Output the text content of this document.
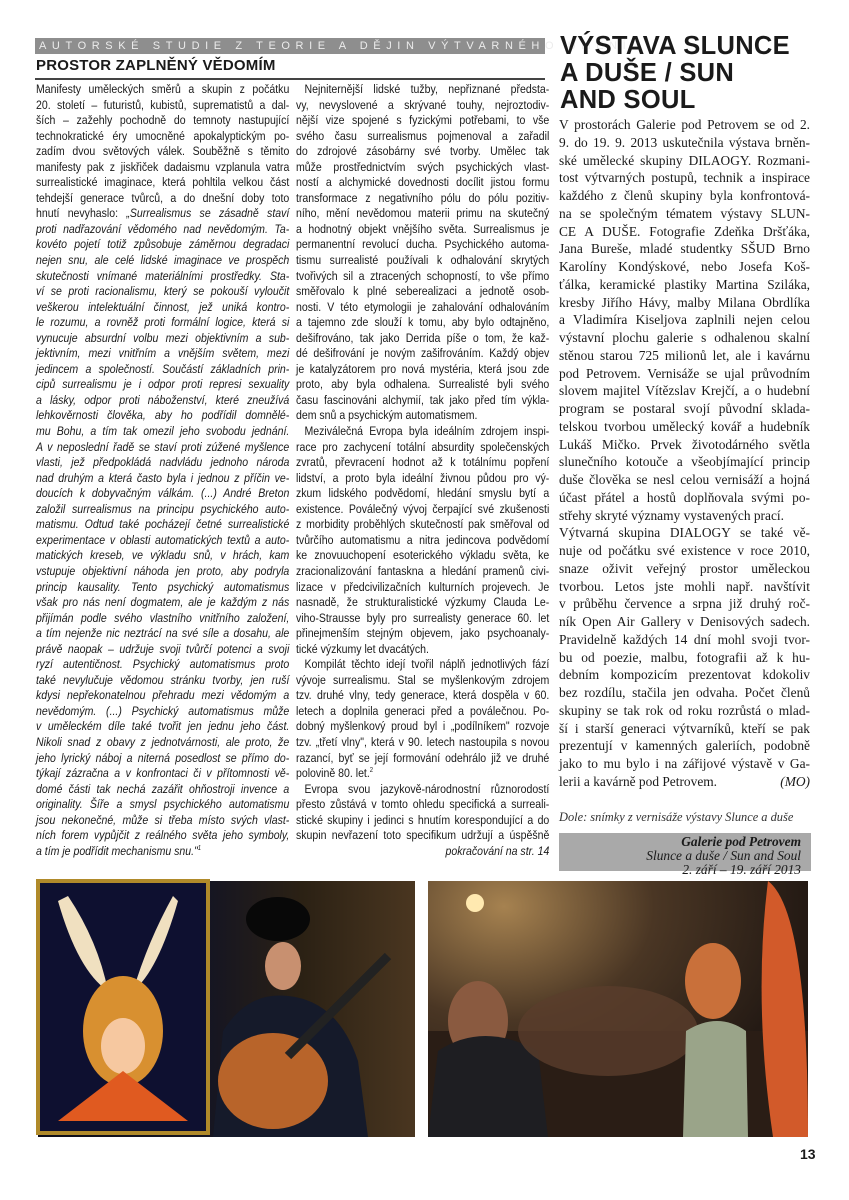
AUTORSKÉ STUDIE Z TEORIE A DĚJIN VÝTVARNÉHO UMĚNÍ
PROSTOR ZAPLNĚNÝ VĚDOMÍM
Manifesty uměleckých směrů a skupin z počátku
20. století – futuristů, kubistů, suprematistů a dal-
ších – zažehly pochodně do temnoty nastupující
technokratické éry umocněné apokalyptickým po-
zadím dvou světových válek. Souběžně s těmito
manifesty pak z jiskřiček dadaismu vzplanula vatra
surrealistické imaginace, která pohltila velkou část
tehdejší generace tvůrců, a do dnešní doby toto
hnutí nevyhaslo: „Surrealismus se zásadně staví
proti nadřazování vědomého nad nevědomým. Ta-
kovéto pojetí totiž způsobuje záměrnou degradaci
nejen snu, ale celé lidské imaginace ve prospěch
skutečnosti vnímané materiálními prostředky. Sta-
ví se proti racionalismu, který se pokouší vyloučit
veškerou intelektuální činnost, jež uniká kontro-
le rozumu, a rovněž proti formální logice, která si
vynucuje absurdní volbu mezi objektivním a sub-
jektivním, mezi vnitřním a vnějším světem, mezi
jedincem a společností. Součástí základních prin-
cipů surrealismu je i odpor proti represi sexuality
a lásky, odpor proti náboženství, které zneužívá
lehkověrnosti člověka, aby ho podřídil domnělé-
mu Bohu, a tím tak omezil jeho svobodu jednání.
A v neposlední řadě se staví proti zúžené myšlence
vlasti, jež předpokládá nadvládu jednoho národa
nad druhým a která často byla i jednou z příčin ve-
doucích k dobyvačným válkám. (...) André Breton
založil surrealismus na principu psychického auto-
matismu. Odtud také pocházejí četné surrealistické
experimentace v oblasti automatických textů a auto-
matických kreseb, ve výkladu snů, v hrách, kam
vstupuje objektivní náhoda jen proto, aby podryla
princip kausality. Tento psychický automatismus
však pro nás není dogmatem, ale je každým z nás
přijímán podle svého vlastního vnitřního založení,
a tím nejenže nic neztrácí na své síle a dosahu, ale
právě naopak – udržuje svoji tvůrčí potenci a svoji
ryzí autentičnost. Psychický automatismus proto
také nevylučuje vědomou stránku tvorby, jen ruší
kdysi nepřekonatelnou přehradu mezi vědomým a
nevědomým. (...) Psychický automatismus může
v uměleckém díle také tvořit jen jednu jeho část.
Nikoli snad z obavy z jednotvárnosti, ale proto, že
jeho lyrický náboj a niterná posedlost se přímo do-
týkají zázračna a v konfrontaci či v přítomnosti vě-
domé části tak nechá zazářit ohňostroji invence a
originality. Šíře a smysl psychického automatismu
jsou nekonečné, může si třeba místo svých vlast-
ních forem vypůjčit z reálného světa jeho symboly,
a tím je podřídit mechanismu snu."$^1$
Nejniternější lidské tužby, nepřiznané předsta-
vy, nevyslovené a skrývané touhy, nejroztodiv-
nější vize spojené s fyzickými potřebami, to vše
svého času surrealismus pojmenoval a zařadil
do zdrojové zásobárny své tvorby. Umělec tak
může prostřednictvím svých psychických vlast-
ností a alchymické dovednosti docílit jistou formu
transformace z negativního pólu do pólu pozitiv-
ního, mění nevědomou materii primu na skutečný
a hodnotný objekt vnějšího světa. Surrealismus je
permanentní revolucí ducha. Psychického automa-
tismu surrealisté používali k odhalování skrytých
tvořivých sil a ztracených schopností, to vše přímo
směřovalo k plné seberealizaci a jednotě osob-
nosti. V této etymologii je zahalování odhalováním
a tajemno zde slouží k tomu, aby bylo odtajněno,
dešifrováno, tak jako Derrida píše o tom, že kaž-
dé dešifrování je novým zašifrováním. Každý objev
je katalyzátorem pro nová mystéria, která jsou zde
proto, aby byla odhalena. Surrealisté byli svého
času fascinováni alchymií, tak jako před tím výkla-
dem snů a psychickým automatismem.
Meziválečná Evropa byla ideálním zdrojem inspi-
race pro zachycení totální absurdity společenských
zvratů, převracení hodnot až k totálnímu popření
lidství, a proto byla ideální živnou půdou pro vý-
zkum lidského podvědomí, hledání smyslu bytí a
existence. Poválečný vývoj čerpající své zkušenosti
z morbidity proběhlých skutečností pak směřoval od
tvůrčího automatismu a nitra jedincova podvědomí
ke znovuuchopení esoterického výkladu světa, ke
zracionalizování fantaskna a hledání pramenů civi-
lizace v předcivilizačních kulturních projevech. Je
nasnadě, že strukturalistické výzkumy Clauda Le-
viho-Strausse byly pro surrealisty generace 60. let
přinejmenším stejným objevem, jako psychoanaly-
tické výzkumy let dvacátých.
Kompilát těchto idejí tvořil náplň jednotlivých fází
vývoje surrealismu. Stal se myšlenkovým zdrojem
tzv. druhé vlny, tedy generace, která dospěla v 60.
letech a doplnila generaci před a poválečnou. Po-
dobný myšlenkový proud byl i „podílníkem" rozvoje
tzv. „třetí vlny", která v 90. letech nastoupila s novou
razancí, byť se její formování odehrálo již ve druhé
polovině 80. let.$^2$
Evropa svou jazykově-národnostní různorodostí
přesto zůstává v tomto ohledu specifická a surreali-
stické skupiny i jedinci s hnutím korespondující a do
skupin nevřazení toto specifikum udržují a úspěšně
pokračování na str. 14
VÝSTAVA SLUNCE
A DUŠE / SUN
AND SOUL
V prostorách Galerie pod Petrovem se od 2.
9. do 19. 9. 2013 uskutečnila výstava brněn-
ské umělecké skupiny DILAOGY. Rozmani-
tost výtvarných postupů, technik a inspirace
každého z členů skupiny byla konfrontová-
na se společným tématem výstavy SLUN-
CE A DUŠE. Fotografie Zdeňka Dršťáka,
Jana Bureše, mladé studentky SŠUD Brno
Karolíny Kondýskové, nebo Josefa Koš-
ťálka, keramické plastiky Martina Sziláka,
kresby Jiřího Hávy, malby Milana Obrdlíka
a Vladimíra Kiseljova zaplnili nejen celou
výstavní plochu galerie s odhalenou skalní
stěnou starou 725 milionů let, ale i kavárnu
pod Petrovem. Vernisáže se ujal průvodním
slovem majitel Vítězslav Krejčí, a o hudební
program se postaral svojí původní sklada-
telskou tvorbou umělecký kovář a hudebník
Lukáš Mičko. Prvek životodárného světla
slunečního kotouče a všeobjímající princip
duše člověka se nesl celou vernisáží a hojná
účast přátel a hostů doplňovala svými po-
střehy skryté významy vystavených prací.
Výtvarná skupina DIALOGY se také vě-
nuje od počátku své existence v roce 2010,
snaze oživit veřejný prostor uměleckou
tvorbou. Letos jste mohli např. navštívit
v průběhu července a srpna již druhý roč-
ník Open Air Gallery v Denisových sadech.
Pravidelně každých 14 dní mohl svoji tvor-
bu od poezie, malbu, fotografii až k hu-
debním kompozicím prezentovat kdokoliv
bez rozdílu, stačila jen odvaha. Počet členů
skupiny se tak rok od roku rozrůstá o mlad-
ší i starší generaci výtvarníků, kteří se pak
prezentují v kamenných galeriích, podobně
jako to mu bylo i na zářijové výstavě v Ga-
lerii a kavárně pod Petrovem.	(MO)
Dole: snímky z vernisáže výstavy Slunce a duše
Galerie pod Petrovem
Slunce a duše / Sun and Soul
2. září – 19. září 2013
13
